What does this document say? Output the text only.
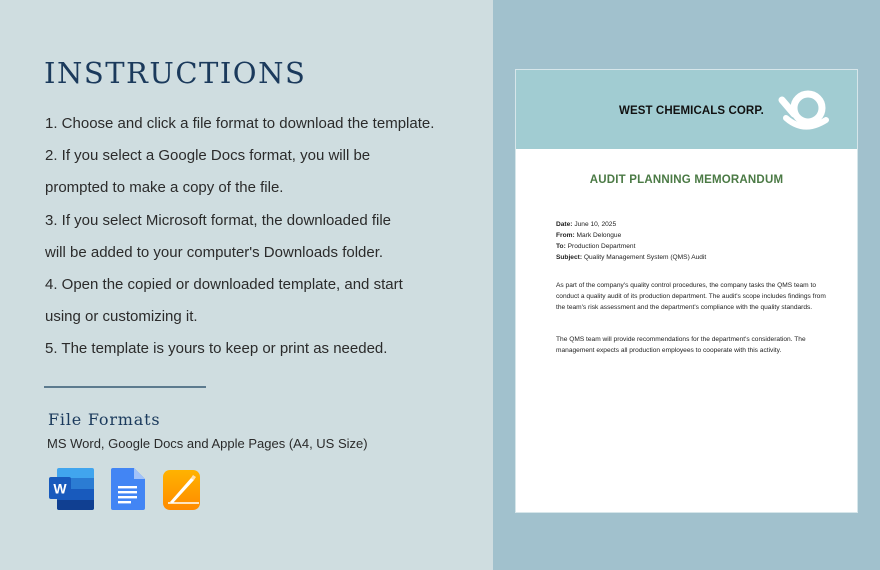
INSTRUCTIONS
1. Choose and click a file format to download the template.
2. If you select a Google Docs format, you will be
prompted to make a copy of the file.
3. If you select Microsoft format, the downloaded file
will be added to your computer's Downloads folder.
4. Open the copied or downloaded template, and start
using or customizing it.
5. The template is yours to keep or print as needed.
File Formats
MS Word, Google Docs and Apple Pages (A4, US Size)
W
WEST CHEMICALS CORP.
AUDIT PLANNING MEMORANDUM
Date: June 10, 2025
From: Mark Delongue
To: Production Department
Subject: Quality Management System (QMS) Audit

As part of the company's quality control procedures, the company tasks the QMS team to conduct a quality audit of its production department. The audit's scope includes findings from the team's risk assessment and the department's compliance with the quality standards.

The QMS team will provide recommendations for the department's consideration. The management expects all production employees to cooperate with this activity.
